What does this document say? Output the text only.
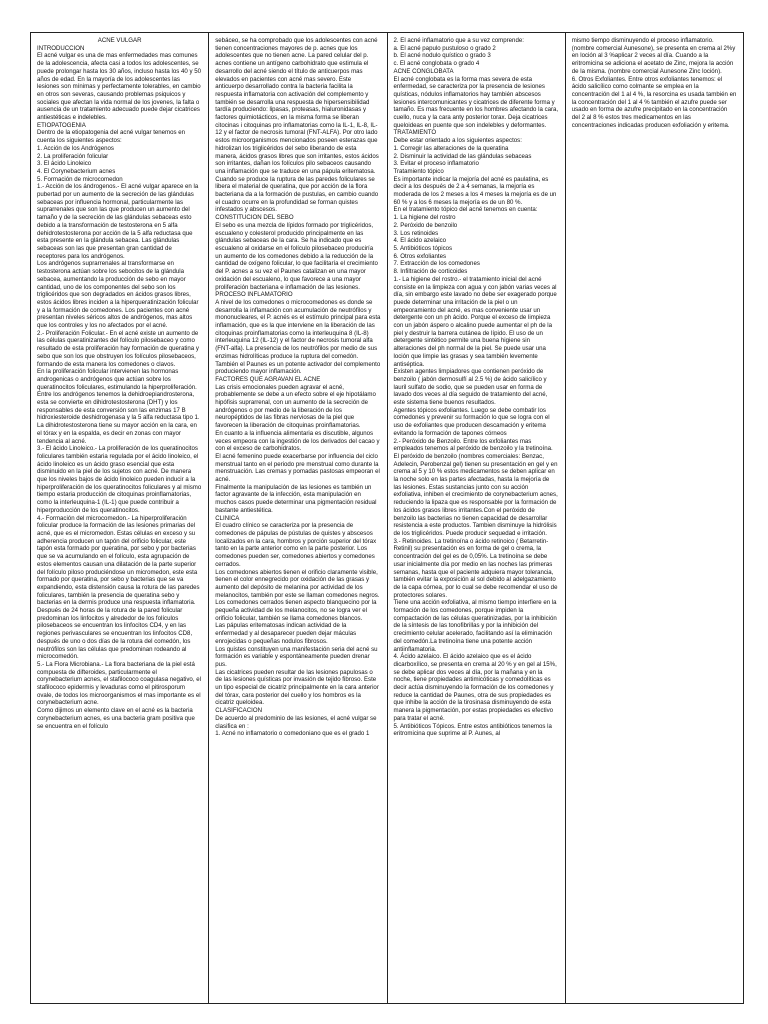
ACNE VULGAR
INTRODUCCION

El acné vulgar es una de mas enfermedades mas comunes de la adolescencia, afecta casi a todos los adolescentes, se puede prolongar hasta los 30 años, incluso hasta los 40 y 50 años de edad. En la mayoría de los adolescentes las lesiones son mínimas y perfectamente tolerables, en cambio en otros son severas, causando problemas psiquicos y sociales que afectan la vida normal de los jovenes, la falta o ausencia de un tratamiento adecuado puede dejar cicatrices antiestéticas e indelebles.

ETIOPATOGENIA

Dentro de la etiopatogenia del acné vulgar tenemos en cuenta los siguientes aspectos:

1. Acción de los Andrógenos

2. La proliferación folicular

3. El ácido Linoleico

4. El Corynebacterium acnes

5. Formación de microcomedon

1.- Acción de los ándrogenos.- El acné vulgar aparece en la pubertad por un aumento de la secreción de las glándulas sebaceas por influencia hormonal, particularmente las suprarrenales que son las que producen un aumento del tamaño y de la secreción de las glándulas sebaceas esto debido a la transformación de testosterona en 5 alfa dehidrotestosterona por acción de la 5 alfa reductasa que esta presente en la glándula sebacea. Las glándulas sebaceas son las que presentan gran cantidad de receptores para los andrógenos.

Los andrógenos suprarrenales al transformarse en testosterona actúan sobre los sebocitos de la glándula sebacea, aumentando la producción de sebo en mayor cantidad, uno de los componentes del sebo son los triglicéridos que son degradados en ácidos grasos libres, estos ácidos libres inciden a la hiperqueratinización folicular y a la formación de comedones. Los pacientes con acné presentan niveles séricos altos de andrógenos, mas altos que los controles y los no afectados por el acné.

2.- Proliferación Folicular.- En el acné existe un aumento de las células queratinizantes del folículo pilosebaceo y como resultado de esta proliferación hay formación de queratina y sebo que son los que obstruyen los folículos pilosebaceos, formando de esta manera los comedones o clavos.

En la proliferación folicular intervienen las hormonas androgenicas o andrógenos que actúan sobre los queratinocitos foliculares, estimulando la hiperproliferación.

Entre los andrógenos tenemos la dehidroepiandrosterona, esta se convierte en dihidrotestosterona (DHT) y los responsables de esta conversión son las enzimas 17 B hidroxiesteroide deshidrogenasa y la 5 alfa reductasa tipo 1. La dihidrotestosterona tiene su mayor acción en la cara, en el tórax y en la espalda, es decir en zonas con mayor tendencia al acné.

3.- El ácido Linoleico.- La proliferación de los queratinocitos foliculares también estaria regulada por el ácido linoleico, el ácido linoleico es un ácido graso esencial que esta disminuido en la piel de los sujetos con acné. De manera que los niveles bajos de ácido linoleico pueden inducir a la hiperproliferación de los queratinocitos foliculares y al mismo tiempo estaria producción de citoquinas proinflamatorias, como la interleuquina-1 (IL-1) que puede contribuir a hiperproducción de los queratinocitos.

4.- Formación del microcomedon.- La hiperproliferación folicular produce la formación de las lesiones primarias del acné, que es el micromedon. Estas células en exceso y su adherencia producen un tapón del orificio folicular, este tapón esta formado por queratina, por sebo y por bacterias que se va acumulando en el folículo, esta agrupación de estos elementos causan una dilatación de la parte superior del folículo piloso produciéndose un micromedon, este esta formado por queratina, por sebo y bacterias que se va expandiendo, esta distensión causa la rotura de las paredes foliculares, también la presencia de queratina sebo y bacterias en la dermis produce una respuesta inflamatoria.

Después de 24 horas de la rotura de la pared folicular predominan los linfocitos y alrededor de los folículos pilosebaceos se encuentran los linfocitos CD4, y en las regiones perivasculares se encuentran los linfocitos CD8, después de uno o dos días de la rotura del comedón, los neutrófilos son las células que predominan rodeando al microcomedón.

5.- La Flora Microbiana.- La flora bacteriana de la piel está compuesta de difteroides, particularmente el corynebacterium acnes, el stafilococo coagulasa negativo, el stafilococo epidermis y levaduras como el pitirosporum ovale, de todos los microorganismos el mas importante es el corynebacterium acne.

Como dijimos un elemento clave en el acné es la bacteria corynebacterium acnes, es una bacteria gram positiva que se encuentra en el folículo

sebáceo, se ha comprobado que los adolescentes con acné tienen concentraciones mayores de p. acnes que los adolescentes que no tienen acne. La pared celular del p. acnes contiene un antígeno carbohidrato que estimula el desarrollo del acné siendo el título de anticuerpos mas elevados en pacientes con acné mas severo. Este anticuerpo desarrollado contra la bacteria facilita la respuesta inflamatoria con activación del complemento y también se desarrolla una respuesta de hipersensibilidad tardía produciendo: lipasas, proteasas, hialuronidasas y factores quimiotácticos, en la misma forma se liberan citocinas i citoquinas pro inflamatorias como la IL-1, IL-8, IL-12 y el factor de necrosis tumoral (FNT-ALFA). Por otro lado estos microorganismos mencionados poseen esterazas que hidrolizan los triglicéridos del sebo liberando de esta manera, ácidos grasos libres que son irritantes, estos ácidos son irritantes, dañan los folículos pilo sebaceos causando una inflamación que se traduce en una pápula eritematosa. Cuando se produce la ruptura de las paredes foliculares se libera el material de queratina, que por acción de la flora bacteriana da a la formación de pustulas, en cambio cuando el cuadro ocurre en la profundidad se forman quistes infestados y abscesos.

CONSTITUCION DEL SEBO

El sebo es una mezcla de lípidos formado por triglicéridos, escualeno y colesterol producido principalmente en las glándulas sebaceas de la cara. Se ha indicado que es escualeno al oxidarse en el folículo pilosebaceo produciría un aumento de los comedones debido a la reducción de la cantidad de oxígeno folicular, lo que facilitaría el crecimiento del P. acnes a su vez el Paunes catalizan en una mayor oxidación del escualeno, lo que favorece a una mayor proliferación bacteriana e inflamación de las lesiones.

PROCESO INFLAMATORIO

A nivel de los comedones o microcomedones es donde se desarrolla la inflamación con acumulación de neutrófilos y mononucleares, el P. acnés es el estímulo principal para esta inflamación, que es la que interviene en la liberación de las citoquinas proinflamatorias como la interleuquina 8 (IL-8) interleuquina 12 (IL-12) y el factor de necrosis tumoral alfa (FNT-alfa). La presencia de los neutrófilos por medio de sus enzimas hidrolíticas produce la ruptura del comedón. También el Paunes es un potente activador del complemento produciendo mayor inflamación.

FACTORES QUE AGRAVAN EL ACNE

Las crisis emocionales pueden agravar el acné, probablemente se debe a un efecto sobre el eje hipotálamo hipófisis suprarrenal, con un aumento de la secreción de andrógenos o por medio de la liberación de los neuropéptidos de las fibras nerviosas de la piel que favorecen la liberación de citoquinas proinflamatorias.

En cuanto a la influencia alimentaria es discutible, algunos veces empeora con la ingestión de los derivados del cacao y con el exceso de carbohidratos.

El acné femenino puede exacerbarse por influencia del ciclo menstrual tanto en el periodo pre menstrual como durante la menstruación. Las cremas y pomadas pastosas empeoran el acné.

Finalmente la manipulación de las lesiones es también un factor agravante de la infección, esta manipulación en muchos casos puede determinar una pigmentación residual bastante antiestética.

CLINICA

El cuadro clínico se caracteriza por la presencia de comedones de pápulas de pústulas de quistes y abscesos localizados en la cara, hombros y porción superior del tórax tanto en la parte anterior como en la parte posterior. Los comedones pueden ser, comedones abiertos y comedones cerrados.

Los comedones abiertos tienen el orificio claramente visible, tienen el color ennegrecido por oxidación de las grasas y aumento del depósito de melanina por actividad de los melanocitos, también por este se llaman comedones negros.

Los comedones cerrados tienen aspecto blanquecino por la pequeña actividad de los melanocitos, no se logra ver el orificio folicular, también se llama comedones blancos.

Las pápulas eritematosas indican actividad de la enfermedad y al desaparecer pueden dejar máculas enrojecidas o pequeñas nodulos fibrosos.

Los quistes constituyen una manifestación seria del acné su formación es variable y espontáneamente pueden drenar pus.

Las cicatrices pueden resultar de las lesiones papulosas o de las lesiones quísticas por invasión de tejido fibroso. Este un tipo especial de cicatriz principalmente en la cara anterior del tórax, cara posterior del cuello y los hombros es la cicatriz queloidea.

CLASIFICACION

De acuerdo al predominio de las lesiones, el acné vulgar se clasifica en :

1. Acné no inflamatorio o comedoniano que es el grado 1

2. El acné inflamatorio que a su vez comprende:

a. El acné papulo pustuloso o grado 2

b. El acné nodulo quístico o grado 3

c. El acné conglobata o grado 4

ACNE CONGLOBATA

El acné conglobata es la forma mas severa de esta enfermedad, se caracteriza por la presencia de lesiones quísticas, nódulos inflamatorios hay también abscesos lesiones intercomunicantes y cicatrices de diferente forma y tamaño. Es mas frecuente en los hombres afectando la cara, cuello, nuca y la cara anty posterior torax. Deja cicatrices queloideas en puente que son indelebles y deformantes.

TRATAMIENTO

Debe estar orientado a los siguientes aspectos:

1. Corregir las alteraciones de la queratina

2. Disminuir la actividad de las glándulas sebaceas

3. Evitar el proceso inflamatorio

Tratamiento tópico

Es importante indicar la mejoría del acné es paulatina, es decir a los después de 2 a 4 semanas, la mejoría es moderada de los 2 meses a los 4 meses la mejoría es de un 60 % y a los 6 meses la mejoría es de un 80 %.

En el tratamiento tópico del acné tenemos en cuenta:

1. La higiene del rostro

2. Peróxido de benzoilo

3. Los retinoides

4. El ácido azelaico

5. Antibióticos tópicos

6. Otros exfoliantes

7. Extracción de los comedones

8. Infiltración de corticoides

1.- La higiene del rostro.- el tratamiento inicial del acné consiste en la limpieza con agua y con jabón varias veces al día, sin embargo este lavado no debe ser exagerado porque puede determinar una irritación de la piel o un empeoramiento del acné, es mas conveniente usar un detergente con un ph ácido. Porque el exceso de limpieza con un jabón áspero o alcalino puede aumentar el ph de la piel y destruir la barrera cutánea de lípido. El uso de un detergente sintético permite una buena higiene sin alteraciones del ph normal de la piel. Se puede usar una loción que limpie las grasas y sea también levemente antiséptica.

Existen agentes limpiadores que contienen peróxido de benzoilo ( jabón dermosulfí al 2.5 %) de ácido salicílico y lauril sulfato de sodio, que se pueden usar en forma de lavado dos veces al día seguido de tratamiento del acné, este sistema tiene buenos resultados.

Agentes tópicos exfoliantes. Luego se debe combatir los comedones y prevenir su formación lo que se logra con el uso de exfoliantes que producen descamación y eritema evitando la formación de tapones córneos

2.- Peróxido de Benzoilo. Entre los exfoliantes mas empleados tenemos al peróxido de benzoilo y la tretinoína.

El peróxido de benzoilo (nombres comerciales: Benzac, Adelecin, Perobenzal gel) tienen su presentación en gel y en crema al 5 y 10 % estos medicamentos se deben aplicar en la noche solo en las partes afectadas, hasta la mejoría de las lesiones. Estas sustancias junto con su acción exfoliativa, inhiben el crecimiento de corynebacterium acnes, reduciendo la lipaza que es responsable por la formación de los ácidos grasos libres irritantes.Con el peróxido de benzoilo las bacterias no tienen capacidad de desarrollar resistencia a este productos. Tambien disminuye la hidrólisis de los triglicéridos. Puede producir sequedad e irritación.

3.- Retinoides. La tretinoína o ácido retinoico ( Betarretin- Retinil) su presentación es en forma de gel o crema, la concentración del gel es de 0,05%. La tretinoína se debe usar inicialmente día por medio en las noches las primeras semanas, hasta que el paciente adquiera mayor tolerancia, también evitar la exposición al sol debido al adelgazamiento de la capa córnea, por lo cual se debe recomendar el uso de protectores solares.

Tiene una acción exfoliativa, al mismo tiempo interfiere en la formación de los comedones, porque impiden la compactación de las células queratinizadas, por la inhibición de la síntesis de las tonofibrillas y por la inhibición del crecimiento celular acelerado, facilitando así la eliminación del comedón.La tretinoína tiene una potente acción antiinflamatoria.

4. Ácido azelaico. El ácido azelaico que es el ácido dicarboxílico, se presenta en crema al 20 % y en gel al 15%, se debe aplicar dos veces al día, por la mañana y en la noche, tiene propiedades antimicóticas y comedolíticas es decir actúa disminuyendo la formación de los comedones y reduce la cantidad de Paunes, otra de sus propiedades es que inhibe la acción de la tirosinasa disminuyendo de esta manera la pigmentación, por estas propiedades es efectivo para tratar el acné.

5. Antibióticos Tópicos. Entre estos antibióticos tenemos la eritromicina que suprime al P. Aunes, al

mismo tiempo disminuyendo el proceso inflamatorio. (nombre comercial Aunesone), se presenta en crema al 2%y en loción al 3 %aplicar 2 veces al día. Cuando a la eritromicina se adiciona el acetato de Zinc, mejora la acción de la misma. (nombre comercial Aunesone Zinc loción).

6. Otros Exfoliantes. Entre otros exfoliantes tenemos: el ácido salicílico como colmante se emplea en la concentración del 1 al 4 %, la resorcina es usada también en la concentración del 1 al 4 % también el azufre puede ser usado en forma de azufre precipitado en la concentración del 2 al 8 % estos tres medicamentos en las concentraciones indicadas producen exfoliación y eritema.
